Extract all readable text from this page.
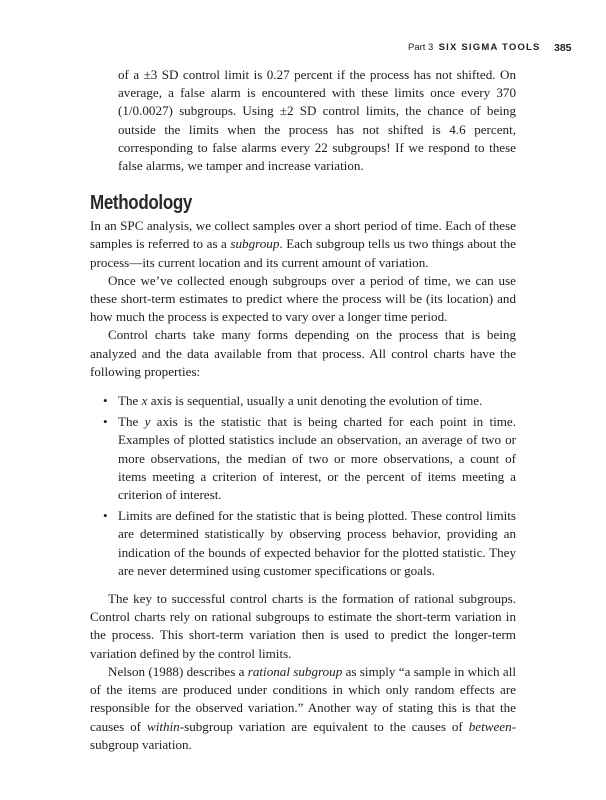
Part 3 SIX SIGMA TOOLS 385

of a ±3 SD control limit is 0.27 percent if the process has not shifted. On average, a false alarm is encountered with these limits once every 370 (1/0.0027) subgroups. Using ±2 SD control limits, the chance of being outside the limits when the process has not shifted is 4.6 percent, corresponding to false alarms every 22 subgroups! If we respond to these false alarms, we tamper and increase variation.

Methodology

In an SPC analysis, we collect samples over a short period of time. Each of these samples is referred to as a subgroup. Each subgroup tells us two things about the process—its current location and its current amount of variation.

Once we’ve collected enough subgroups over a period of time, we can use these short-term estimates to predict where the process will be (its location) and how much the process is expected to vary over a longer time period.

Control charts take many forms depending on the process that is being analyzed and the data available from that process. All control charts have the following properties:

• The x axis is sequential, usually a unit denoting the evolution of time.
• The y axis is the statistic that is being charted for each point in time. Examples of plotted statistics include an observation, an average of two or more observations, the median of two or more observations, a count of items meeting a criterion of interest, or the percent of items meeting a criterion of interest.
• Limits are defined for the statistic that is being plotted. These control limits are determined statistically by observing process behavior, providing an indication of the bounds of expected behavior for the plotted statistic. They are never determined using customer specifications or goals.

The key to successful control charts is the formation of rational subgroups. Control charts rely on rational subgroups to estimate the short-term variation in the process. This short-term variation then is used to predict the longer-term variation defined by the control limits.

Nelson (1988) describes a rational subgroup as simply “a sample in which all of the items are produced under conditions in which only random effects are responsible for the observed variation.” Another way of stating this is that the causes of within-subgroup variation are equivalent to the causes of between-subgroup variation.
